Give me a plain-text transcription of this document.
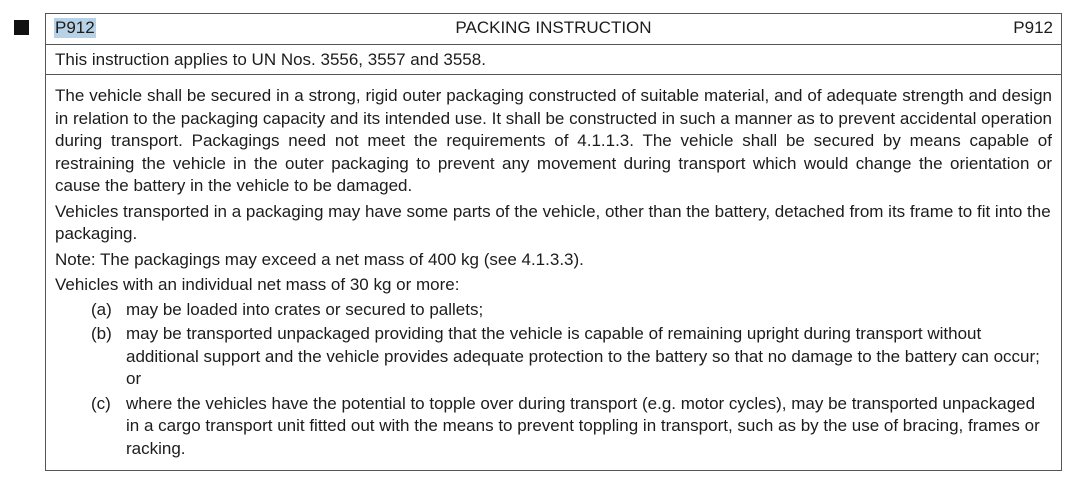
P912	PACKING INSTRUCTION	P912
This instruction applies to UN Nos. 3556, 3557 and 3558.

The vehicle shall be secured in a strong, rigid outer packaging constructed of suitable material, and of adequate strength and design in relation to the packaging capacity and its intended use. It shall be constructed in such a manner as to prevent accidental operation during transport. Packagings need not meet the requirements of 4.1.1.3. The vehicle shall be secured by means capable of restraining the vehicle in the outer packaging to prevent any movement during transport which would change the orientation or cause the battery in the vehicle to be damaged.

Vehicles transported in a packaging may have some parts of the vehicle, other than the battery, detached from its frame to fit into the packaging.

Note: The packagings may exceed a net mass of 400 kg (see 4.1.3.3).

Vehicles with an individual net mass of 30 kg or more:

(a) may be loaded into crates or secured to pallets;
(b) may be transported unpackaged providing that the vehicle is capable of remaining upright during transport without additional support and the vehicle provides adequate protection to the battery so that no damage to the battery can occur; or
(c) where the vehicles have the potential to topple over during transport (e.g. motor cycles), may be transported unpackaged in a cargo transport unit fitted out with the means to prevent toppling in transport, such as by the use of bracing, frames or racking.
